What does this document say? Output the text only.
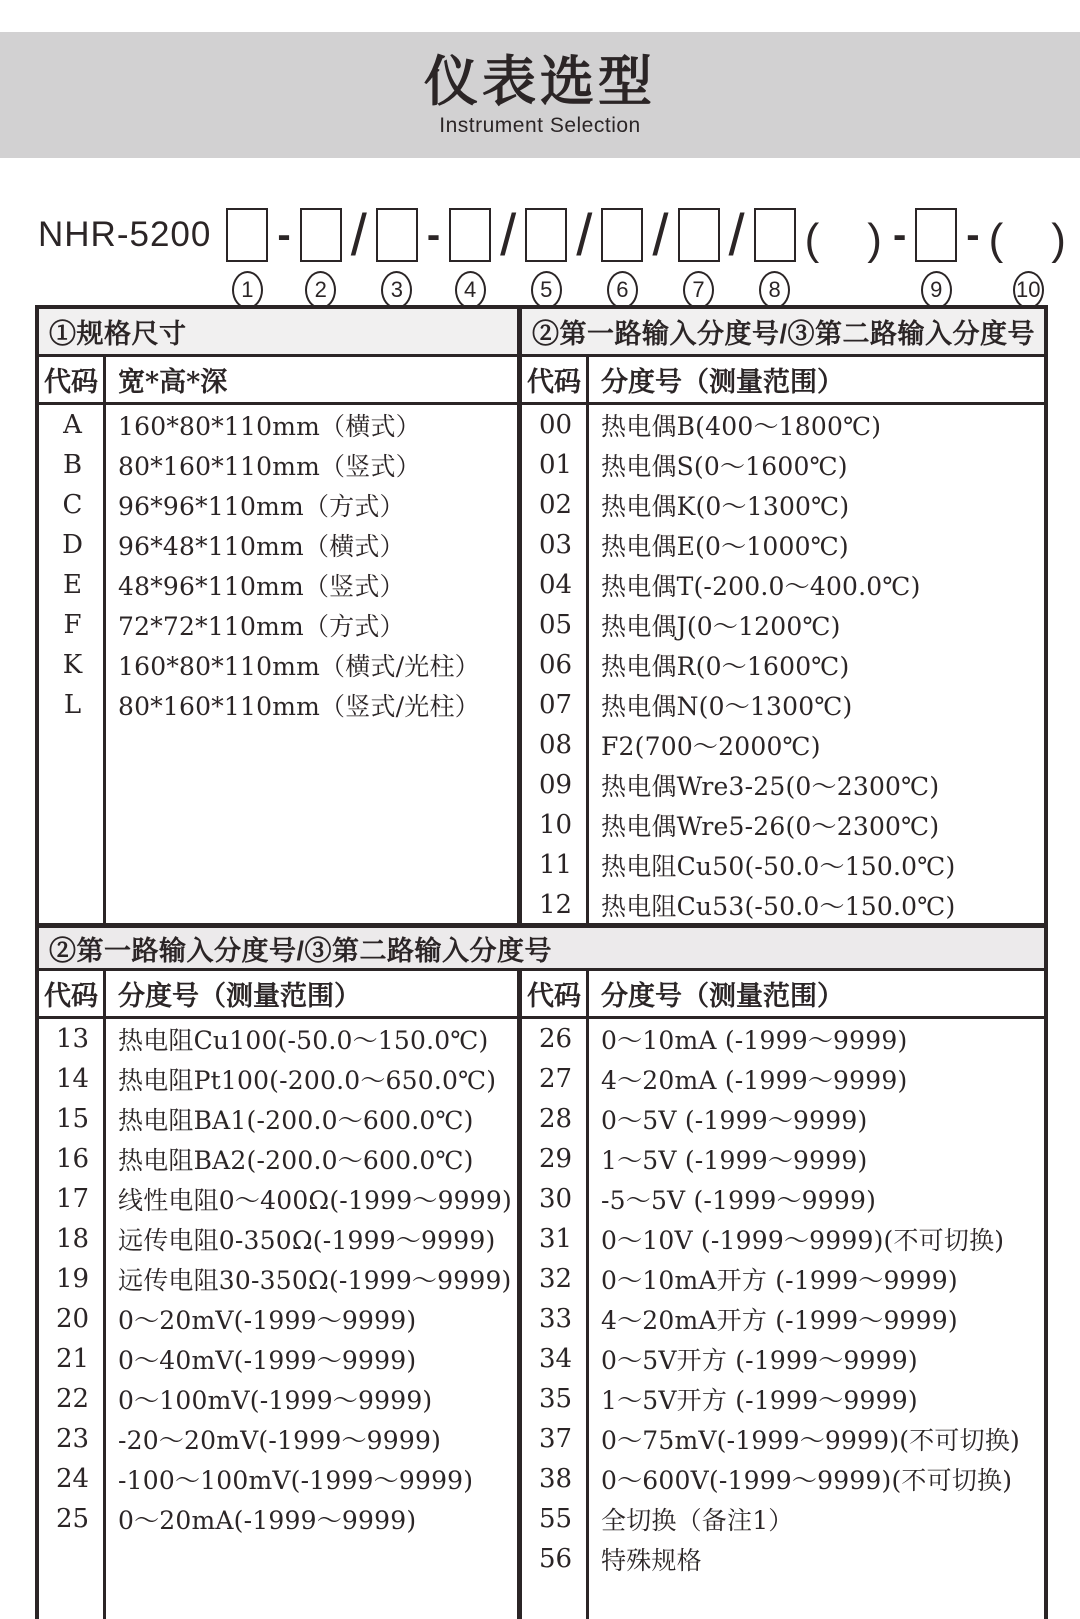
仪表选型
Instrument Selection
NHR-5200
1
-
2
/
3
-
4
/
5
/
6
/
7
/
8
(　) -
9
- (　)
10
①规格尺寸
代码 宽*高*深
A	160*80*110mm（横式）
B	80*160*110mm（竖式）
C	96*96*110mm（方式）
D	96*48*110mm（横式）
E	48*96*110mm（竖式）
F	72*72*110mm（方式）
K	160*80*110mm（横式/光柱）
L	80*160*110mm（竖式/光柱）
②第一路输入分度号/③第二路输入分度号
代码 分度号（测量范围）
00	热电偶B(400～1800℃)
01	热电偶S(0～1600℃)
02	热电偶K(0～1300℃)
03	热电偶E(0～1000℃)
04	热电偶T(-200.0～400.0℃)
05	热电偶J(0～1200℃)
06	热电偶R(0～1600℃)
07	热电偶N(0～1300℃)
08	F2(700～2000℃)
09	热电偶Wre3-25(0～2300℃)
10	热电偶Wre5-26(0～2300℃)
11	热电阻Cu50(-50.0～150.0℃)
12	热电阻Cu53(-50.0～150.0℃)
②第一路输入分度号/③第二路输入分度号
代码 分度号（测量范围）
13	热电阻Cu100(-50.0～150.0℃)
14	热电阻Pt100(-200.0～650.0℃)
15	热电阻BA1(-200.0～600.0℃)
16	热电阻BA2(-200.0～600.0℃)
17	线性电阻0～400Ω(-1999～9999)
18	远传电阻0-350Ω(-1999～9999)
19	远传电阻30-350Ω(-1999～9999)
20	0～20mV(-1999～9999)
21	0～40mV(-1999～9999)
22	0～100mV(-1999～9999)
23	-20～20mV(-1999～9999)
24	-100～100mV(-1999～9999)
25	0～20mA(-1999～9999)
代码 分度号（测量范围）
26	0～10mA (-1999～9999)
27	4～20mA (-1999～9999)
28	0～5V (-1999～9999)
29	1～5V (-1999～9999)
30	-5～5V (-1999～9999)
31	0～10V (-1999～9999)(不可切换)
32	0～10mA开方 (-1999～9999)
33	4～20mA开方 (-1999～9999)
34	0～5V开方 (-1999～9999)
35	1～5V开方 (-1999～9999)
37	0～75mV(-1999～9999)(不可切换)
38	0～600V(-1999～9999)(不可切换)
55	全切换（备注1）
56	特殊规格
